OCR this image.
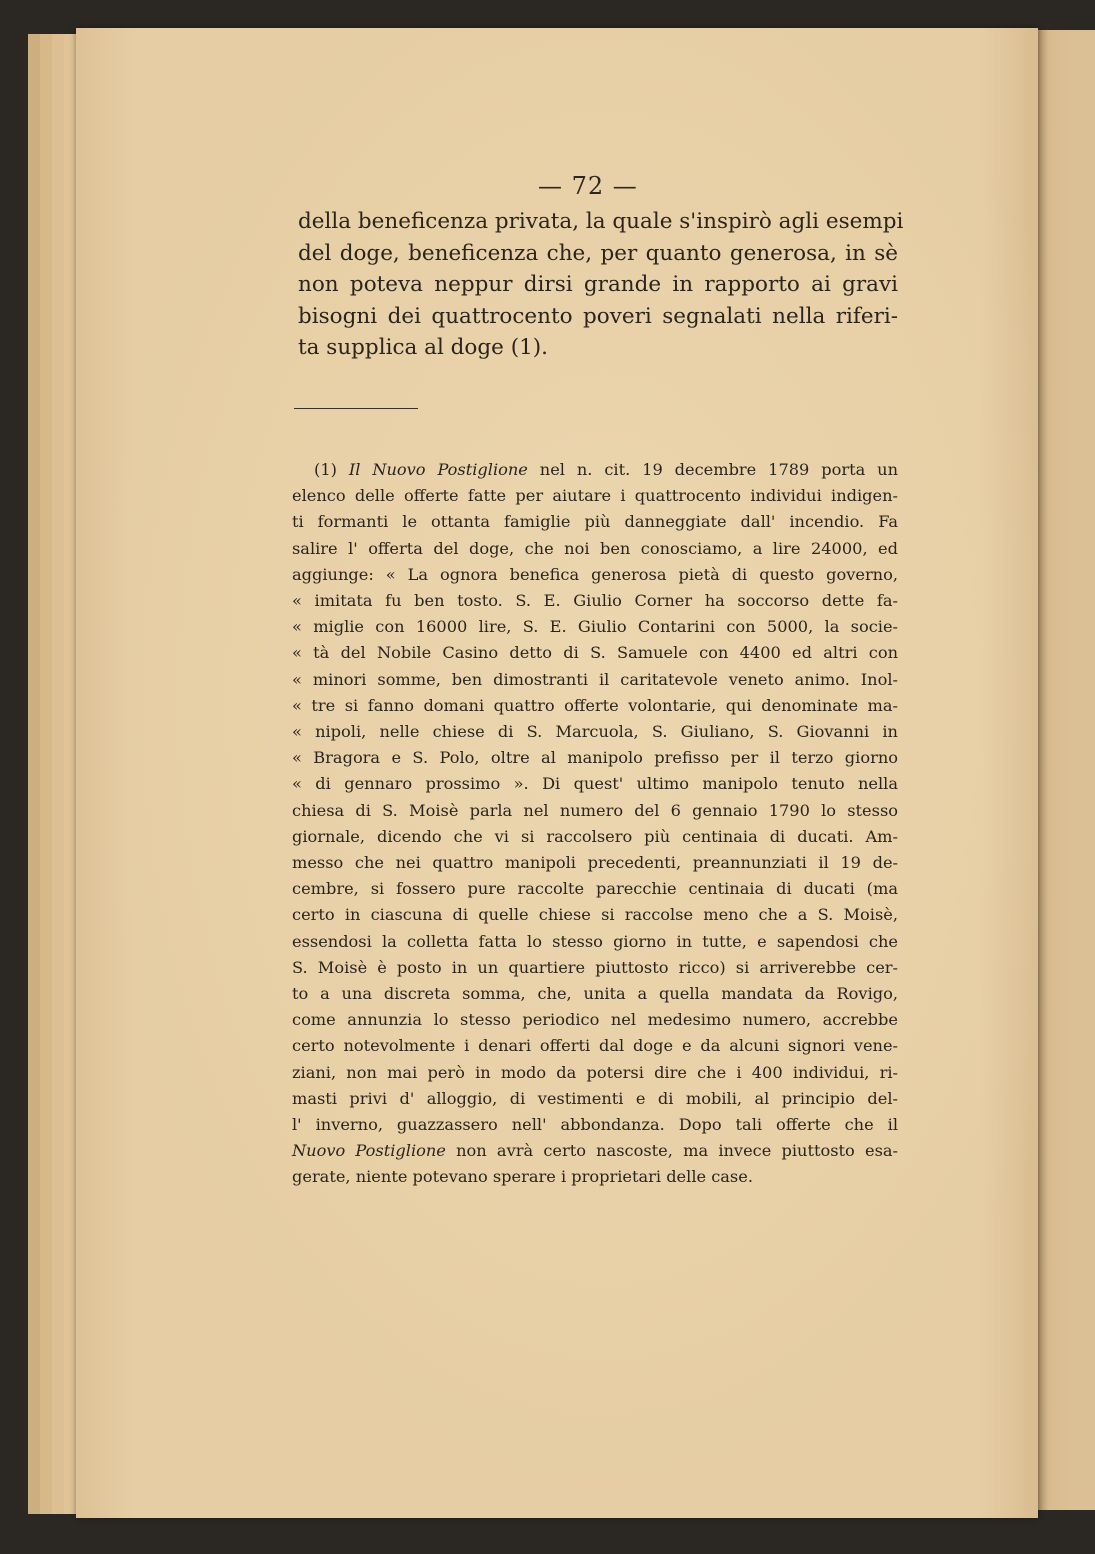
— 72 —
della beneficenza privata, la quale s'inspirò agli esempi
del doge, beneficenza che, per quanto generosa, in sè
non poteva neppur dirsi grande in rapporto ai gravi
bisogni dei quattrocento poveri segnalati nella riferi-
ta supplica al doge (1).
(1) Il Nuovo Postiglione nel n. cit. 19 decembre 1789 porta un
elenco delle offerte fatte per aiutare i quattrocento individui indigen-
ti formanti le ottanta famiglie più danneggiate dall' incendio. Fa
salire l' offerta del doge, che noi ben conosciamo, a lire 24000, ed
aggiunge: « La ognora benefica generosa pietà di questo governo,
« imitata fu ben tosto. S. E. Giulio Corner ha soccorso dette fa-
« miglie con 16000 lire, S. E. Giulio Contarini con 5000, la socie-
« tà del Nobile Casino detto di S. Samuele con 4400 ed altri con
« minori somme, ben dimostranti il caritatevole veneto animo. Inol-
« tre si fanno domani quattro offerte volontarie, qui denominate ma-
« nipoli, nelle chiese di S. Marcuola, S. Giuliano, S. Giovanni in
« Bragora e S. Polo, oltre al manipolo prefisso per il terzo giorno
« di gennaro prossimo ». Di quest' ultimo manipolo tenuto nella
chiesa di S. Moisè parla nel numero del 6 gennaio 1790 lo stesso
giornale, dicendo che vi si raccolsero più centinaia di ducati. Am-
messo che nei quattro manipoli precedenti, preannunziati il 19 de-
cembre, si fossero pure raccolte parecchie centinaia di ducati (ma
certo in ciascuna di quelle chiese si raccolse meno che a S. Moisè,
essendosi la colletta fatta lo stesso giorno in tutte, e sapendosi che
S. Moisè è posto in un quartiere piuttosto ricco) si arriverebbe cer-
to a una discreta somma, che, unita a quella mandata da Rovigo,
come annunzia lo stesso periodico nel medesimo numero, accrebbe
certo notevolmente i denari offerti dal doge e da alcuni signori vene-
ziani, non mai però in modo da potersi dire che i 400 individui, ri-
masti privi d' alloggio, di vestimenti e di mobili, al principio del-
l' inverno, guazzassero nell' abbondanza. Dopo tali offerte che il
Nuovo Postiglione non avrà certo nascoste, ma invece piuttosto esa-
gerate, niente potevano sperare i proprietari delle case.
